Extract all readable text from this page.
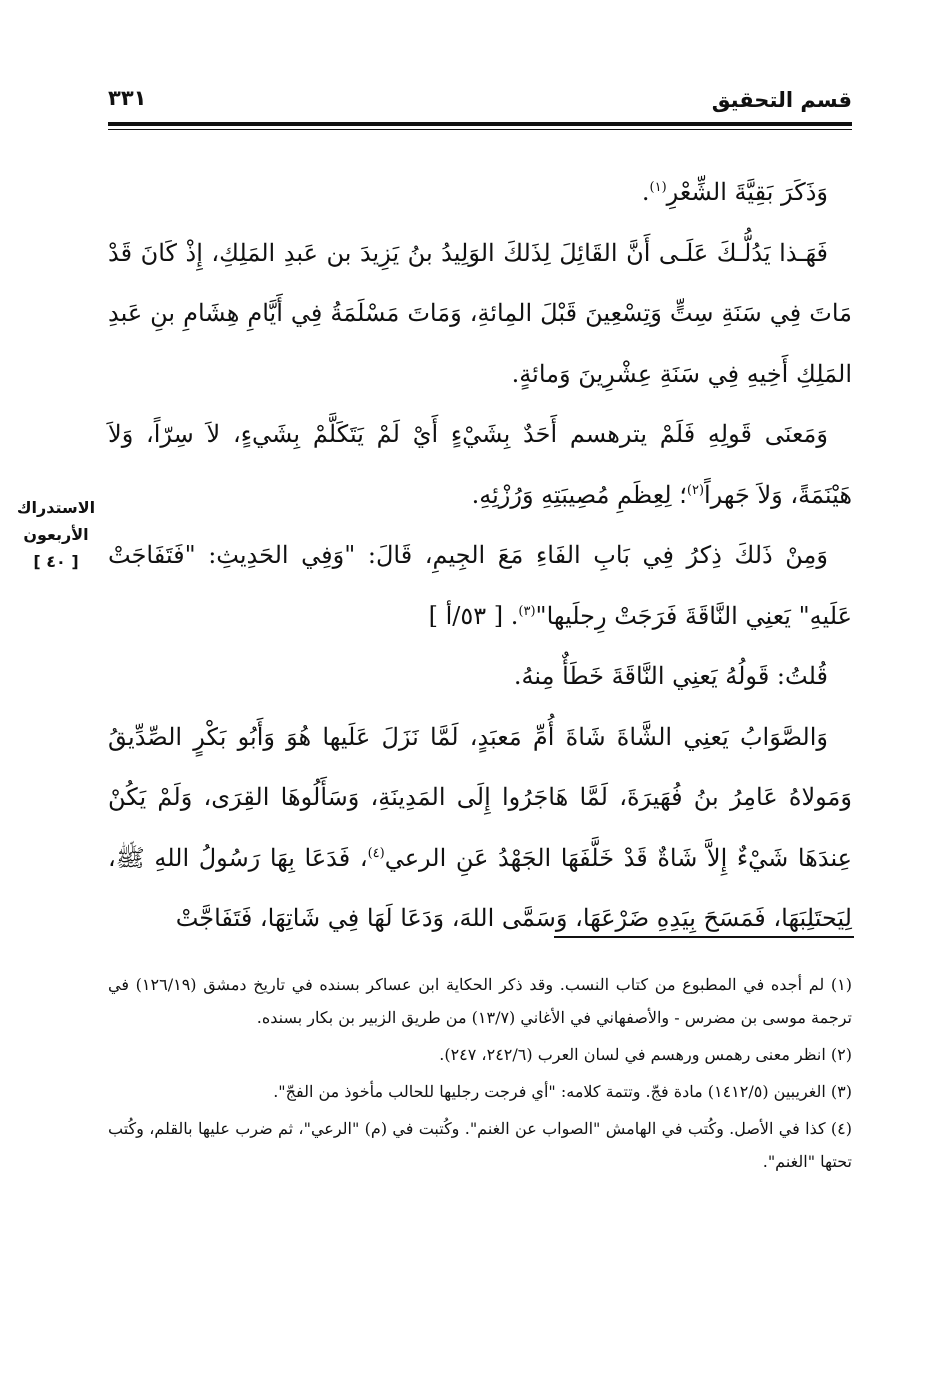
قسم التحقيق
٣٣١
الاستدراك
الأربعون
[ ٤٠ ]

وَذَكَرَ بَقِيَّةَ الشِّعْرِ$^{(١)}$.

فَهَـذا يَدُلُّـكَ عَلَـى أَنَّ القَائِلَ لِذَلكَ الوَلِيدُ بنُ يَزِيدَ بن عَبدِ المَلِكِ، إِذْ كَانَ قَدْ مَاتَ فِي سَنَةِ سِتٍّ وَتِسْعِينَ قَبْلَ المِائةِ، وَمَاتَ مَسْلَمَةُ فِي أَيَّامِ هِشَامِ بنِ عَبدِ المَلِكِ أَخِيهِ فِي سَنَةِ عِشْرِينَ وَمائةٍ.

وَمَعنَى قَولِهِ فَلَمْ يترهسم أَحَدٌ بِشَيْءٍ أَيْ لَمْ يَتَكَلَّمْ بِشَيءٍ، لاَ سِرّاً، وَلاَ هَيْنَمَةً، وَلاَ جَهراً$^{(٢)}$؛ لِعِظَمِ مُصِيبَتِهِ وَرُزْئِهِ.

وَمِنْ ذَلكَ ذِكرُ فِي بَابِ الفَاءِ مَعَ الجِيمِ، قَالَ: "وَفِي الحَدِيثِ: "فَتَفَاجَتْ عَلَيهِ" يَعنِي النَّاقَةَ فَرَجَتْ رِجلَيها"$^{(٣)}$. [ ٥٣/أ ]

قُلتُ: قَولُهُ يَعنِي النَّاقَةَ خَطَأٌ مِنهُ.

وَالصَّوَابُ يَعنِي الشَّاةَ شَاةَ أُمِّ مَعبَدٍ، لَمَّا نَزَلَ عَلَيها هُوَ وَأَبُو بَكْرٍ الصِّدِّيقُ وَمَولاهُ عَامِرُ بنُ فُهَيرَةَ، لَمَّا هَاجَرُوا إِلَى المَدِينَةِ، وَسَأَلُوهَا القِرَى، وَلَمْ يَكُنْ عِندَهَا شَيْءٌ إِلاَّ شَاةٌ قَدْ خَلَّفَهَا الجَهْدُ عَنِ الرعي$^{(٤)}$، فَدَعَا بِهَا رَسُولُ اللهِ ﷺ، لِيَحتَلِبَهَا، فَمَسَحَ بِيَدِهِ ضَرْعَهَا، وَسَمَّى اللهَ، وَدَعَا لَهَا فِي شَاتِهَا، فَتَفَاجَّتْ

(١) لم أجده في المطبوع من كتاب النسب. وقد ذكر الحكاية ابن عساكر بسنده في تاريخ دمشق (١٢٦/١٩) في ترجمة موسى بن مضرس - والأصفهاني في الأغاني (١٣/٧) من طريق الزبير بن بكار بسنده.

(٢) انظر معنى رهمس ورهسم في لسان العرب (٢٤٢/٦، ٢٤٧).

(٣) الغريبين (١٤١٢/٥) مادة فجّ. وتتمة كلامه: "أي فرجت رجليها للحالب مأخوذ من الفجّ".

(٤) كذا في الأصل. وكُتب في الهامش "الصواب عن الغنم". وكُتبت في (م) "الرعي"، ثم ضرب عليها بالقلم، وكُتب تحتها "الغنم".
